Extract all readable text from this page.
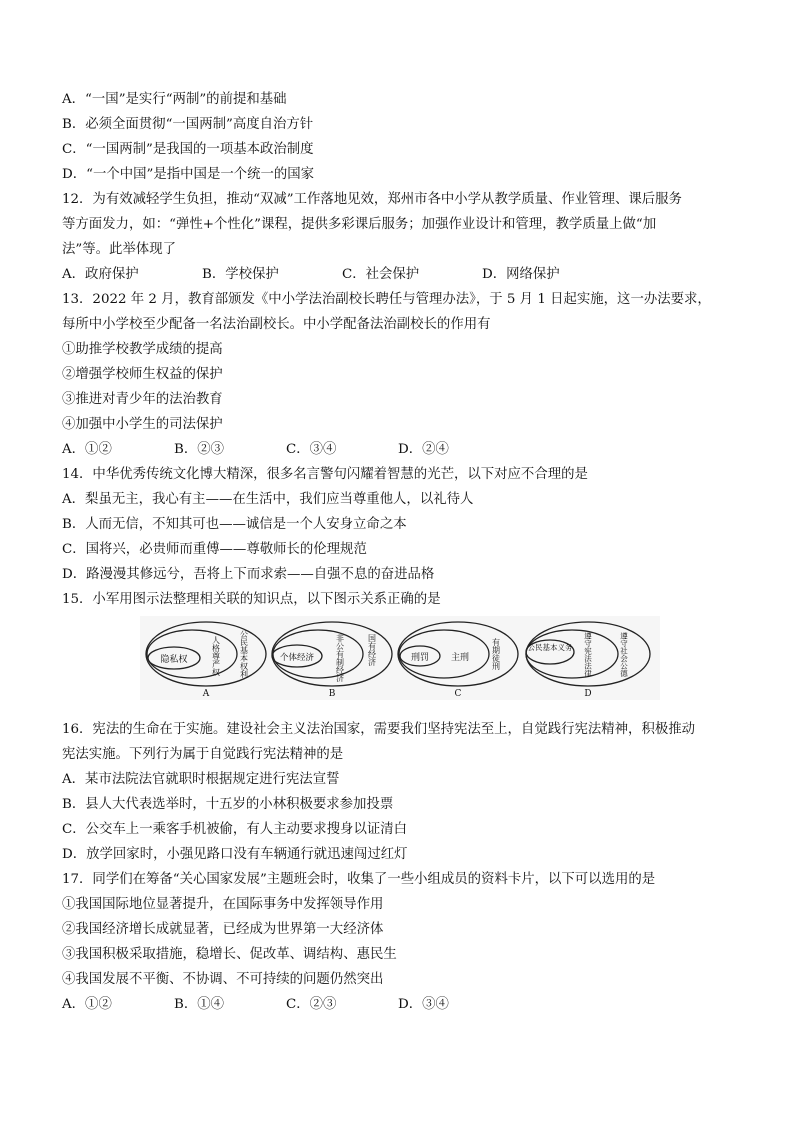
A．“一国”是实行“两制”的前提和基础
B．必须全面贯彻“一国两制”高度自治方针
C．“一国两制”是我国的一项基本政治制度
D．“一个中国”是指中国是一个统一的国家
12．为有效减轻学生负担，推动“双减”工作落地见效，郑州市各中小学从教学质量、作业管理、课后服务
等方面发力，如：“弹性+个性化”课程，提供多彩课后服务；加强作业设计和管理，教学质量上做“加
法”等。此举体现了
A．政府保护	B．学校保护	C．社会保护	D．网络保护
13．2022 年 2 月，教育部颁发《中小学法治副校长聘任与管理办法》，于 5 月 1 日起实施，这一办法要求，
每所中小学校至少配备一名法治副校长。中小学配备法治副校长的作用有
①助推学校教学成绩的提高
②增强学校师生权益的保护
③推进对青少年的法治教育
④加强中小学生的司法保护
A．①②	B．②③	C．③④	D．②④
14．中华优秀传统文化博大精深，很多名言警句闪耀着智慧的光芒，以下对应不合理的是
A．梨虽无主，我心有主——在生活中，我们应当尊重他人，以礼待人
B．人而无信，不知其可也——诚信是一个人安身立命之本
C．国将兴，必贵师而重傅——尊敬师长的伦理规范
D．路漫漫其修远兮，吾将上下而求索——自强不息的奋进品格
15．小军用图示法整理相关联的知识点，以下图示关系正确的是
隐私权	人格尊严权 公民基本权利
A
个体经济	非公有制经济	国有经济
B
刑罚 主刑	有期徒刑
C
公民基本义务 遵守宪法法律	遵守社会公德
D
16．宪法的生命在于实施。建设社会主义法治国家，需要我们坚持宪法至上，自觉践行宪法精神，积极推动
宪法实施。下列行为属于自觉践行宪法精神的是
A．某市法院法官就职时根据规定进行宪法宣誓
B．县人大代表选举时，十五岁的小林积极要求参加投票
C．公交车上一乘客手机被偷，有人主动要求搜身以证清白
D．放学回家时，小强见路口没有车辆通行就迅速闯过红灯
17．同学们在筹备“关心国家发展”主题班会时，收集了一些小组成员的资料卡片，以下可以选用的是
①我国国际地位显著提升，在国际事务中发挥领导作用
②我国经济增长成就显著，已经成为世界第一大经济体
③我国积极采取措施，稳增长、促改革、调结构、惠民生
④我国发展不平衡、不协调、不可持续的问题仍然突出
A．①②	B．①④	C．②③	D．③④
